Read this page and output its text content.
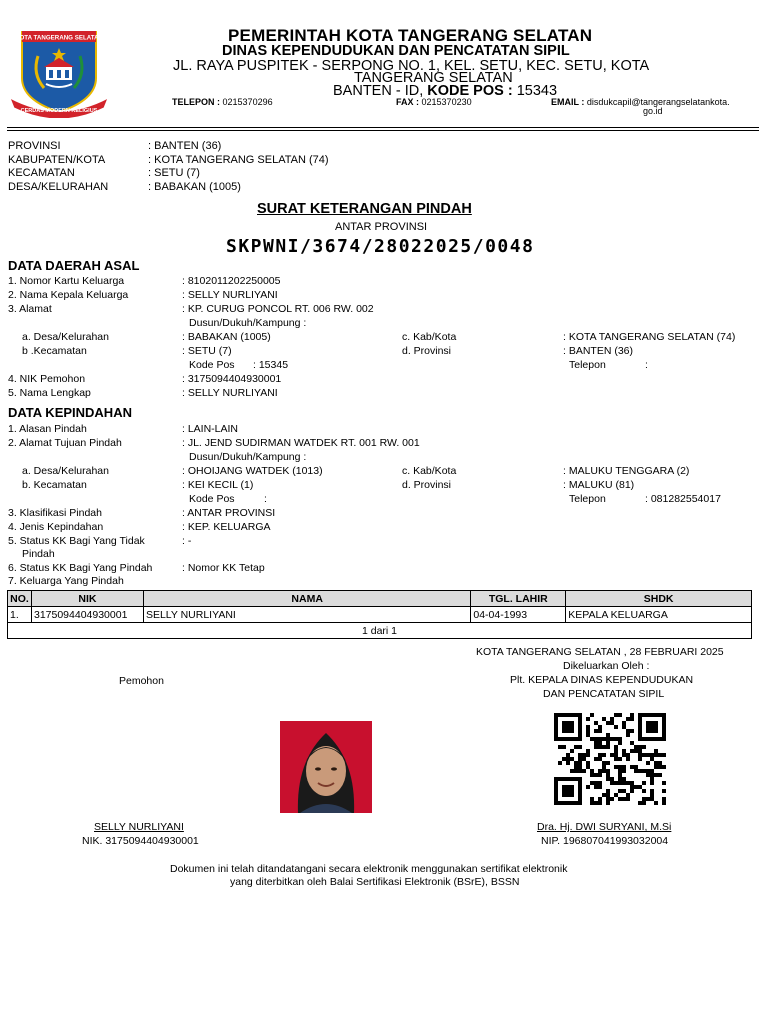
KOTA TANGERANG SELATAN
CERDAS MODERN RELIGIUS
PEMERINTAH KOTA TANGERANG SELATAN
DINAS KEPENDUDUKAN DAN PENCATATAN SIPIL
JL. RAYA PUSPITEK - SERPONG NO. 1, KEL. SETU, KEC. SETU, KOTA
TANGERANG SELATAN
BANTEN - ID, KODE POS : 15343
TELEPON : 0215370296	FAX : 0215370230	EMAIL : disdukcapil@tangerangselatankota.
go.id
PROVINSI	: BANTEN (36)
KABUPATEN/KOTA	: KOTA TANGERANG SELATAN (74)
KECAMATAN	: SETU (7)
DESA/KELURAHAN	: BABAKAN (1005)
SURAT KETERANGAN PINDAH
ANTAR PROVINSI
SKPWNI/3674/28022025/0048
DATA DAERAH ASAL
1. Nomor Kartu Keluarga	: 8102011202250005
2. Nama Kepala Keluarga	: SELLY NURLIYANI
3. Alamat	: KP. CURUG PONCOL RT. 006 RW. 002
Dusun/Dukuh/Kampung :
a. Desa/Kelurahan	: BABAKAN (1005)	c. Kab/Kota	: KOTA TANGERANG SELATAN (74)
b .Kecamatan	: SETU (7)	d. Provinsi	: BANTEN (36)
Kode Pos : 15345	Telepon	:
4. NIK Pemohon	: 3175094404930001
5. Nama Lengkap	: SELLY NURLIYANI
DATA KEPINDAHAN
1. Alasan Pindah	: LAIN-LAIN
2. Alamat Tujuan Pindah	: JL. JEND SUDIRMAN WATDEK RT. 001 RW. 001
Dusun/Dukuh/Kampung :
a. Desa/Kelurahan	: OHOIJANG WATDEK (1013)	c. Kab/Kota	: MALUKU TENGGARA (2)
b. Kecamatan	: KEI KECIL (1)	d. Provinsi	: MALUKU (81)
Kode Pos	:	Telepon	: 081282554017
3. Klasifikasi Pindah	: ANTAR PROVINSI
4. Jenis Kepindahan	: KEP. KELUARGA
5. Status KK Bagi Yang Tidak
Pindah
: -
6. Status KK Bagi Yang Pindah	: Nomor KK Tetap
7. Keluarga Yang Pindah
NO.	NIK	NAMA	TGL. LAHIR	SHDK
1.	3175094404930001	SELLY NURLIYANI	04-04-1993	KEPALA KELUARGA
1 dari 1				
KOTA TANGERANG SELATAN , 28 FEBRUARI 2025
Dikeluarkan Oleh :
Pemohon	Plt. KEPALA DINAS KEPENDUDUKAN
DAN PENCATATAN SIPIL
SELLY NURLIYANI
NIK. 3175094404930001
Dra. Hj. DWI SURYANI, M.Si
NIP. 196807041993032004
Dokumen ini telah ditandatangani secara elektronik menggunakan sertifikat elektronik
yang diterbitkan oleh Balai Sertifikasi Elektronik (BSrE), BSSN
